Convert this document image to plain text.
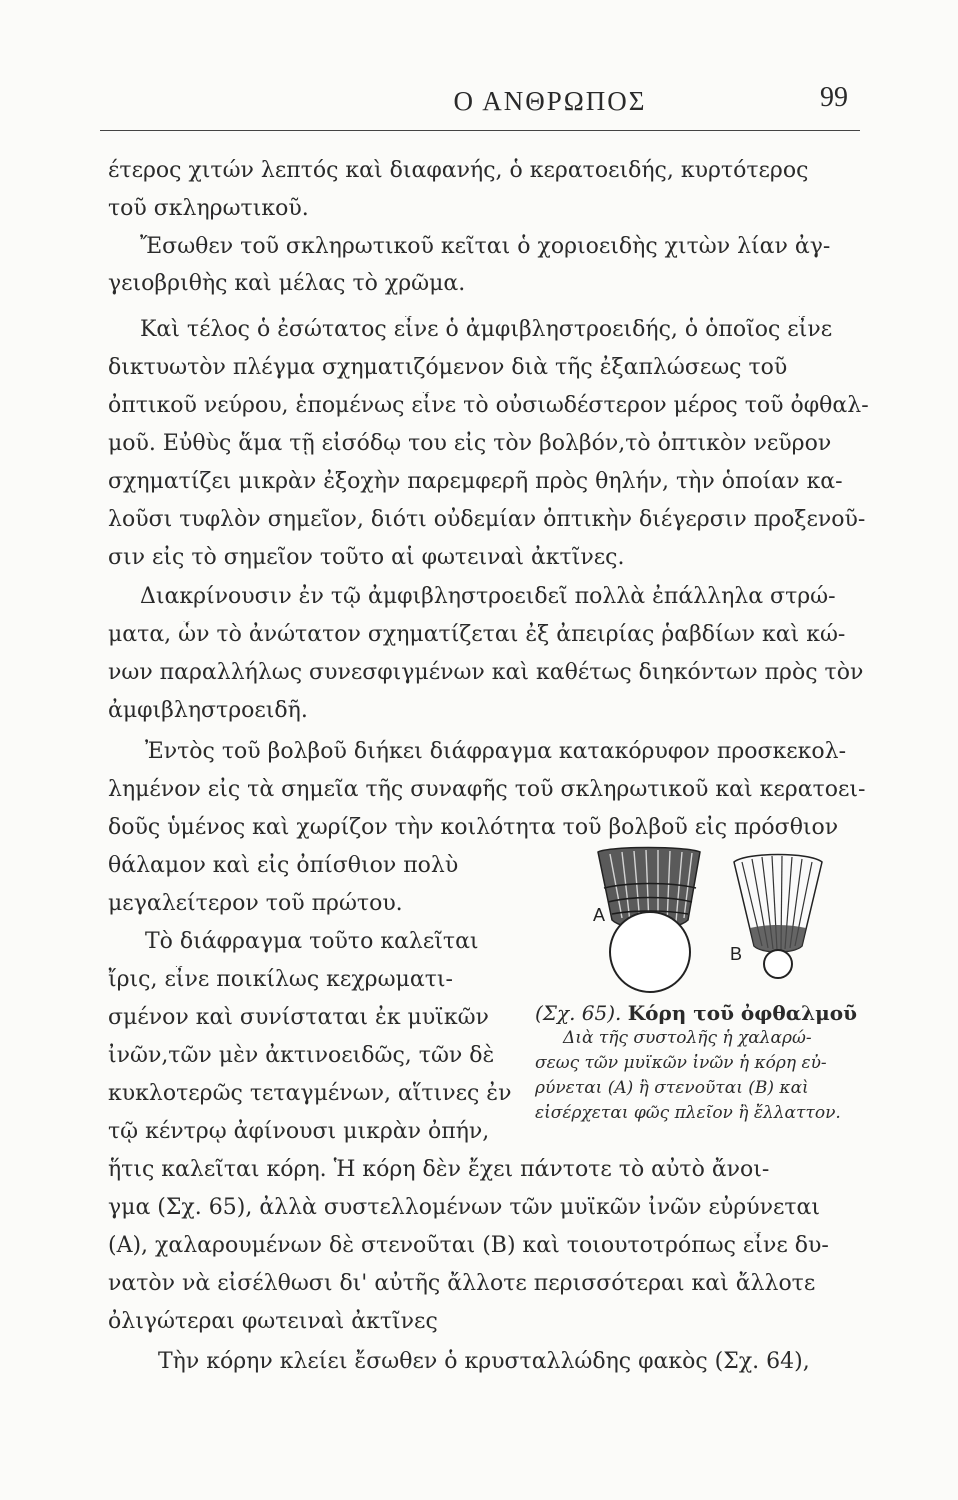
Ο ΑΝΘΡΩΠΟΣ	99
έτερος χιτών λεπτός καὶ διαφανής, ὁ κερατοειδής, κυρτότερος
τοῦ σκληρωτικοῦ.
Ἔσωθεν τοῦ σκληρωτικοῦ κεῖται ὁ χοριοειδὴς χιτὼν λίαν ἀγ-
γειοβριθὴς καὶ μέλας τὸ χρῶμα.
Καὶ τέλος ὁ ἐσώτατος εἶνε ὁ ἀμφιβληστροειδής, ὁ ὁποῖος εἶνε
δικτυωτὸν πλέγμα σχηματιζόμενον διὰ τῆς ἐξαπλώσεως τοῦ
ὀπτικοῦ νεύρου, ἑπομένως εἶνε τὸ οὐσιωδέστερον μέρος τοῦ ὀφθαλ-
μοῦ. Εὐθὺς ἅμα τῇ εἰσόδῳ του εἰς τὸν βολβόν,τὸ ὀπτικὸν νεῦρον
σχηματίζει μικρὰν ἐξοχὴν παρεμφερῆ πρὸς θηλήν, τὴν ὁποίαν κα-
λοῦσι τυφλὸν σημεῖον, διότι οὐδεμίαν ὀπτικὴν διέγερσιν προξενοῦ-
σιν εἰς τὸ σημεῖον τοῦτο αἱ φωτειναὶ ἀκτῖνες.
Διακρίνουσιν ἐν τῷ ἀμφιβληστροειδεῖ πολλὰ ἐπάλληλα στρώ-
ματα, ὧν τὸ ἀνώτατον σχηματίζεται ἐξ ἀπειρίας ῥαβδίων καὶ κώ-
νων παραλλήλως συνεσφιγμένων καὶ καθέτως διηκόντων πρὸς τὸν
ἀμφιβληστροειδῆ.
Ἐντὸς τοῦ βολβοῦ διήκει διάφραγμα κατακόρυφον προσκεκολ-
λημένον εἰς τὰ σημεῖα τῆς συναφῆς τοῦ σκληρωτικοῦ καὶ κερατοει-
δοῦς ὑμένος καὶ χωρίζον τὴν κοιλότητα τοῦ βολβοῦ εἰς πρόσθιον
θάλαμον καὶ εἰς ὀπίσθιον πολὺ
μεγαλείτερον τοῦ πρώτου.
Τὸ διάφραγμα τοῦτο καλεῖται
ἴρις, εἶνε ποικίλως κεχρωματι-
σμένον καὶ συνίσταται ἐκ μυϊκῶν
ἰνῶν,τῶν μὲν ἀκτινοειδῶς, τῶν δὲ
κυκλοτερῶς τεταγμένων, αἵτινες ἐν
τῷ κέντρῳ ἀφίνουσι μικρὰν ὀπήν,
ἥτις καλεῖται κόρη. Ἡ κόρη δὲν ἔχει πάντοτε τὸ αὐτὸ ἄνοι-
γμα (Σχ. 65), ἀλλὰ συστελλομένων τῶν μυϊκῶν ἰνῶν εὐρύνεται
(Α), χαλαρουμένων δὲ στενοῦται (Β) καὶ τοιουτοτρόπως εἶνε δυ-
νατὸν νὰ εἰσέλθωσι δι' αὐτῆς ἄλλοτε περισσότεραι καὶ ἄλλοτε
ὀλιγώτεραι φωτειναὶ ἀκτῖνες
Τὴν κόρην κλείει ἔσωθεν ὁ κρυσταλλώδης φακὸς (Σχ. 64),
A
B
(Σχ. 65). Κόρη τοῦ ὀφθαλμοῦ
Διὰ τῆς συστολῆς ἡ χαλαρώ-
σεως τῶν μυϊκῶν ἰνῶν ἡ κόρη εὐ-
ρύνεται (Α) ἢ στενοῦται (Β) καὶ
εἰσέρχεται φῶς πλεῖον ἢ ἔλλαττον.
